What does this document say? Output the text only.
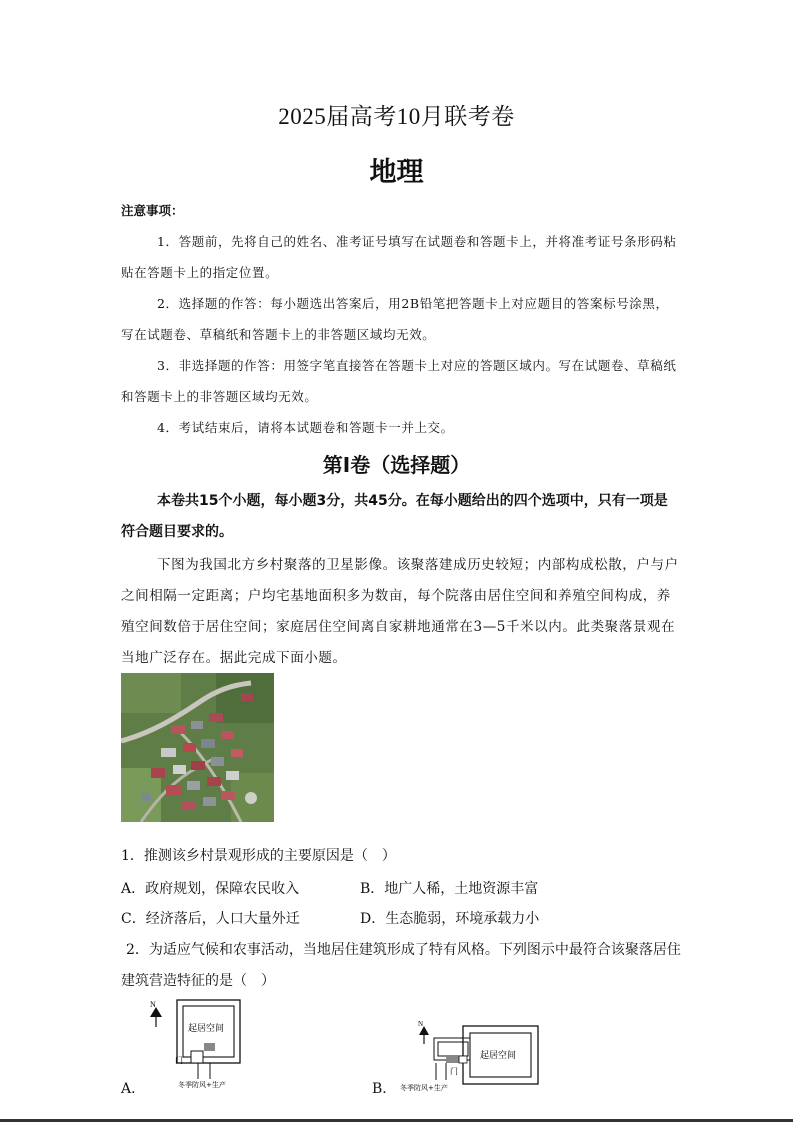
2025届高考10月联考卷
地理
注意事项：
1．答题前，先将自己的姓名、准考证号填写在试题卷和答题卡上，并将准考证号条形码粘贴在答题卡上的指定位置。
2．选择题的作答：每小题选出答案后，用2B铅笔把答题卡上对应题目的答案标号涂黑，写在试题卷、草稿纸和答题卡上的非答题区域均无效。
3．非选择题的作答：用签字笔直接答在答题卡上对应的答题区域内。写在试题卷、草稿纸和答题卡上的非答题区域均无效。
4．考试结束后，请将本试题卷和答题卡一并上交。
第Ⅰ卷（选择题）
本卷共15个小题，每小题3分，共45分。在每小题给出的四个选项中，只有一项是符合题目要求的。
下图为我国北方乡村聚落的卫星影像。该聚落建成历史较短；内部构成松散，户与户之间相隔一定距离；户均宅基地面积多为数亩，每个院落由居住空间和养殖空间构成，养殖空间数倍于居住空间；家庭居住空间离自家耕地通常在3—5千米以内。此类聚落景观在当地广泛存在。据此完成下面小题。
1．推测该乡村景观形成的主要原因是（　）
A．政府规划，保障农民收入	B．地广人稀，土地资源丰富
C．经济落后，人口大量外迁	D．生态脆弱，环境承载力小
2．为适应气候和农事活动，当地居住建筑形成了特有风格。下列图示中最符合该聚落居住建筑营造特征的是（　）
A．
N
起居空间
门
冬季防风+生产	B．
N
起居空间
门
冬季防风+生产
